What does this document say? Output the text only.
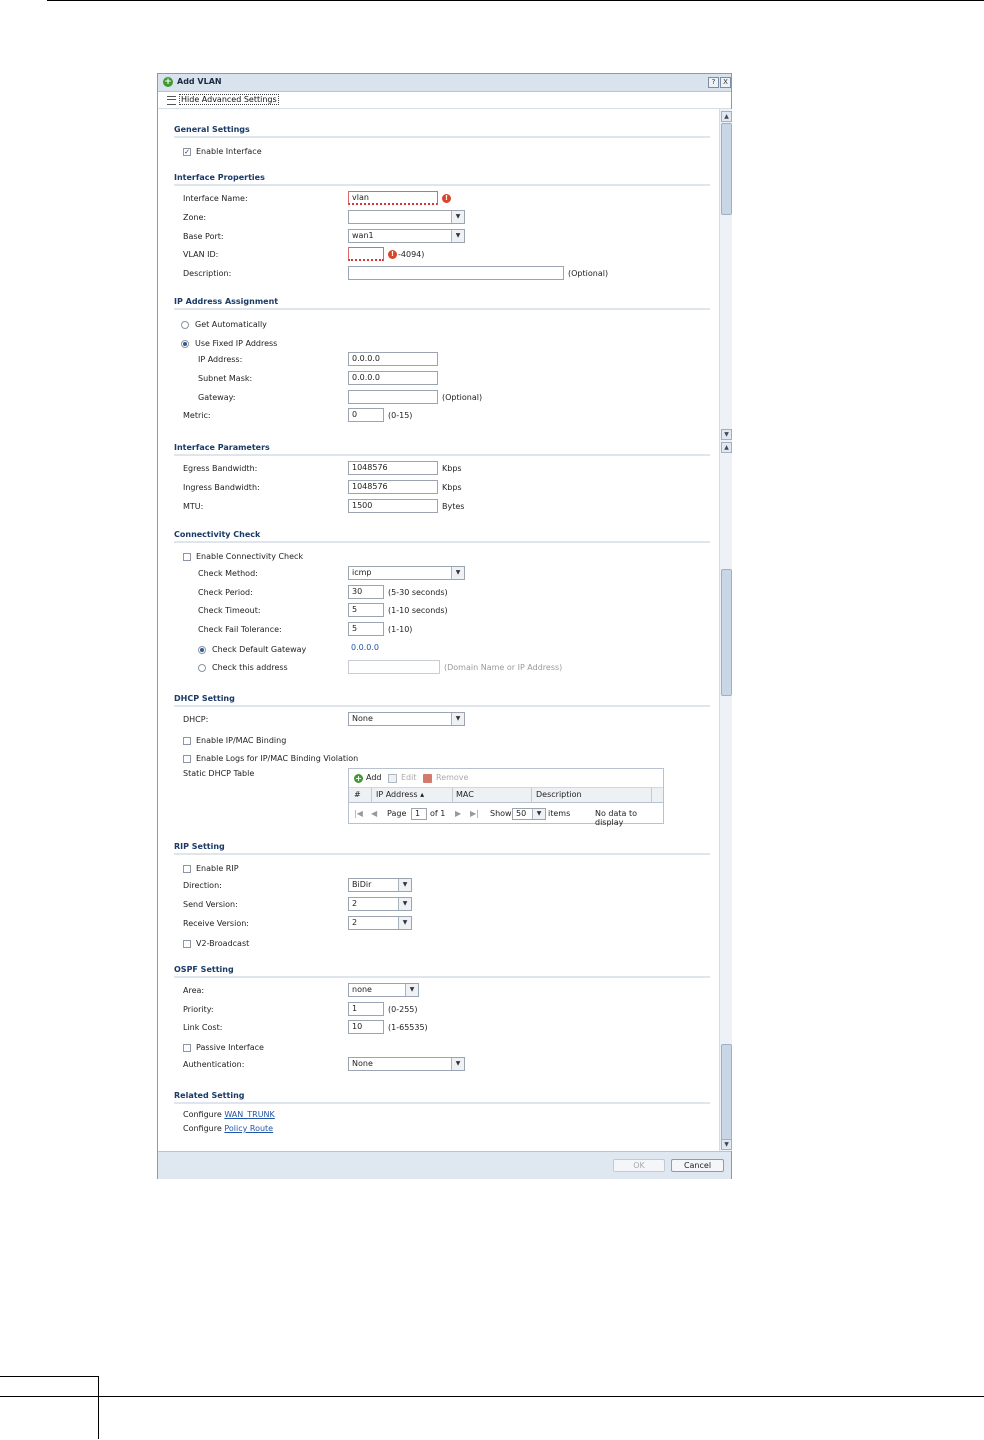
+ Add VLAN	?	X
Hide Advanced Settings
General Settings
✓ Enable Interface
Interface Properties
Interface Name:	vlan	!
Zone:	▼
Base Port:	wan1	▼
VLAN ID:	! -4094)
Description:	(Optional)
IP Address Assignment
Get Automatically
Use Fixed IP Address
IP Address:	0.0.0.0
Subnet Mask:	0.0.0.0
Gateway:	(Optional)
Metric:	0	(0-15)
Interface Parameters
Egress Bandwidth:	1048576	Kbps
Ingress Bandwidth:	1048576	Kbps
MTU:	1500	Bytes
Connectivity Check
Enable Connectivity Check
Check Method:	icmp	▼
Check Period:	30	(5-30 seconds)
Check Timeout:	5	(1-10 seconds)
Check Fail Tolerance:	5	(1-10)
Check Default Gateway	0.0.0.0
Check this address	(Domain Name or IP Address)
DHCP Setting
DHCP:	None	▼
Enable IP/MAC Binding
Enable Logs for IP/MAC Binding Violation
Static DHCP Table
+ Add Edit Remove
# IP Address ▴	MAC	Description
|◀ ◀ Page	1	of 1 ▶ ▶| Show 50	▼ items	No data to display
RIP Setting
Enable RIP
Direction:	BiDir	▼
Send Version:	2	▼
Receive Version:	2	▼
V2-Broadcast
OSPF Setting
Area:	none	▼
Priority:	1	(0-255)
Link Cost:	10	(1-65535)
Passive Interface
Authentication:	None	▼
Related Setting
Configure WAN_TRUNK
Configure Policy Route
▲
▼
▲
▼
OK	Cancel
